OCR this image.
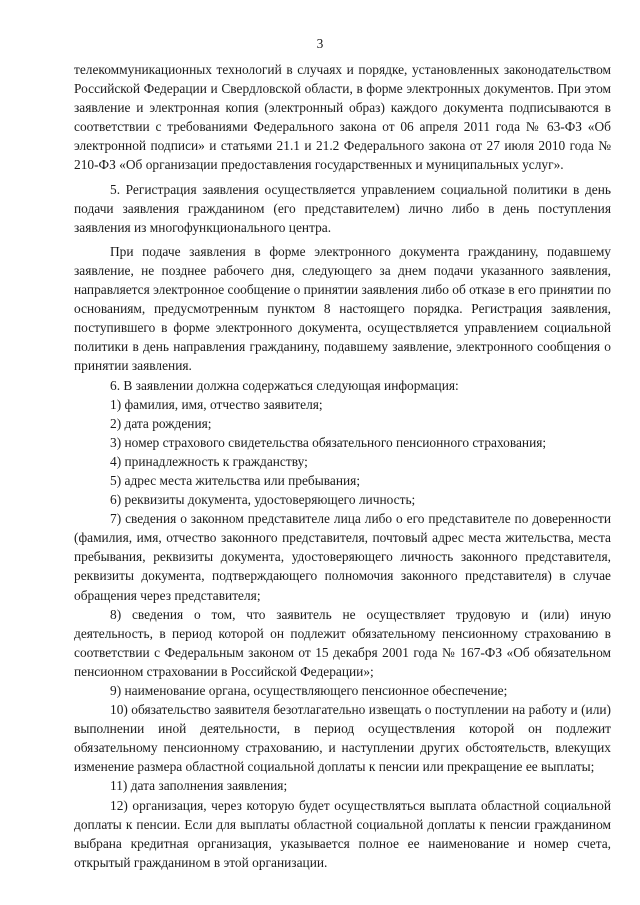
3

телекоммуникационных технологий в случаях и порядке, установленных законодательством Российской Федерации и Свердловской области, в форме электронных документов. При этом заявление и электронная копия (электронный образ) каждого документа подписываются в соответствии с требованиями Федерального закона от 06 апреля 2011 года № 63-ФЗ «Об электронной подписи» и статьями 21.1 и 21.2 Федерального закона от 27 июля 2010 года № 210-ФЗ «Об организации предоставления государственных и муниципальных услуг».

5. Регистрация заявления осуществляется управлением социальной политики в день подачи заявления гражданином (его представителем) лично либо в день поступления заявления из многофункционального центра.

При подаче заявления в форме электронного документа гражданину, подавшему заявление, не позднее рабочего дня, следующего за днем подачи указанного заявления, направляется электронное сообщение о принятии заявления либо об отказе в его принятии по основаниям, предусмотренным пунктом 8 настоящего порядка. Регистрация заявления, поступившего в форме электронного документа, осуществляется управлением социальной политики в день направления гражданину, подавшему заявление, электронного сообщения о принятии заявления.

6. В заявлении должна содержаться следующая информация:

1) фамилия, имя, отчество заявителя;

2) дата рождения;

3) номер страхового свидетельства обязательного пенсионного страхования;

4) принадлежность к гражданству;

5) адрес места жительства или пребывания;

6) реквизиты документа, удостоверяющего личность;

7) сведения о законном представителе лица либо о его представителе по доверенности (фамилия, имя, отчество законного представителя, почтовый адрес места жительства, места пребывания, реквизиты документа, удостоверяющего личность законного представителя, реквизиты документа, подтверждающего полномочия законного представителя) в случае обращения через представителя;

8) сведения о том, что заявитель не осуществляет трудовую и (или) иную деятельность, в период которой он подлежит обязательному пенсионному страхованию в соответствии с Федеральным законом от 15 декабря 2001 года № 167-ФЗ «Об обязательном пенсионном страховании в Российской Федерации»;

9) наименование органа, осуществляющего пенсионное обеспечение;

10) обязательство заявителя безотлагательно извещать о поступлении на работу и (или) выполнении иной деятельности, в период осуществления которой он подлежит обязательному пенсионному страхованию, и наступлении других обстоятельств, влекущих изменение размера областной социальной доплаты к пенсии или прекращение ее выплаты;

11) дата заполнения заявления;

12) организация, через которую будет осуществляться выплата областной социальной доплаты к пенсии. Если для выплаты областной социальной доплаты к пенсии гражданином выбрана кредитная организация, указывается полное ее наименование и номер счета, открытый гражданином в этой организации.
